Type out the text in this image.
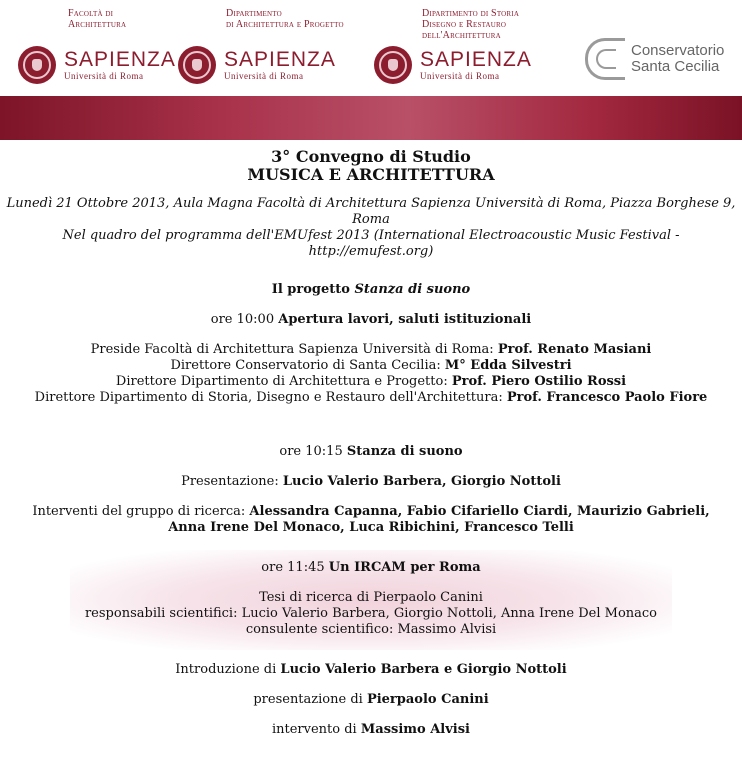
Facoltà di
Architettura
SAPIENZA
Università di Roma
Dipartimento
di Architettura e Progetto
SAPIENZA
Università di Roma
Dipartimento di Storia
Disegno e Restauro
dell'Architettura
SAPIENZA
Università di Roma
Conservatorio
Santa Cecilia
3° Convegno di Studio
MUSICA E ARCHITETTURA
Lunedì 21 Ottobre 2013, Aula Magna Facoltà di Architettura Sapienza Università di Roma, Piazza Borghese 9, Roma
Nel quadro del programma dell'EMUfest 2013 (International Electroacoustic Music Festival - http://emufest.org)
Il progetto Stanza di suono
ore 10:00 Apertura lavori, saluti istituzionali
Preside Facoltà di Architettura Sapienza Università di Roma: Prof. Renato Masiani
Direttore Conservatorio di Santa Cecilia: M° Edda Silvestri
Direttore Dipartimento di Architettura e Progetto: Prof. Piero Ostilio Rossi
Direttore Dipartimento di Storia, Disegno e Restauro dell'Architettura: Prof. Francesco Paolo Fiore
ore 10:15 Stanza di suono
Presentazione: Lucio Valerio Barbera, Giorgio Nottoli
Interventi del gruppo di ricerca: Alessandra Capanna, Fabio Cifariello Ciardi, Maurizio Gabrieli,
Anna Irene Del Monaco, Luca Ribichini, Francesco Telli
ore 11:45 Un IRCAM per Roma
Tesi di ricerca di Pierpaolo Canini
responsabili scientifici: Lucio Valerio Barbera, Giorgio Nottoli, Anna Irene Del Monaco
consulente scientifico: Massimo Alvisi
Introduzione di Lucio Valerio Barbera e Giorgio Nottoli
presentazione di Pierpaolo Canini
intervento di Massimo Alvisi
